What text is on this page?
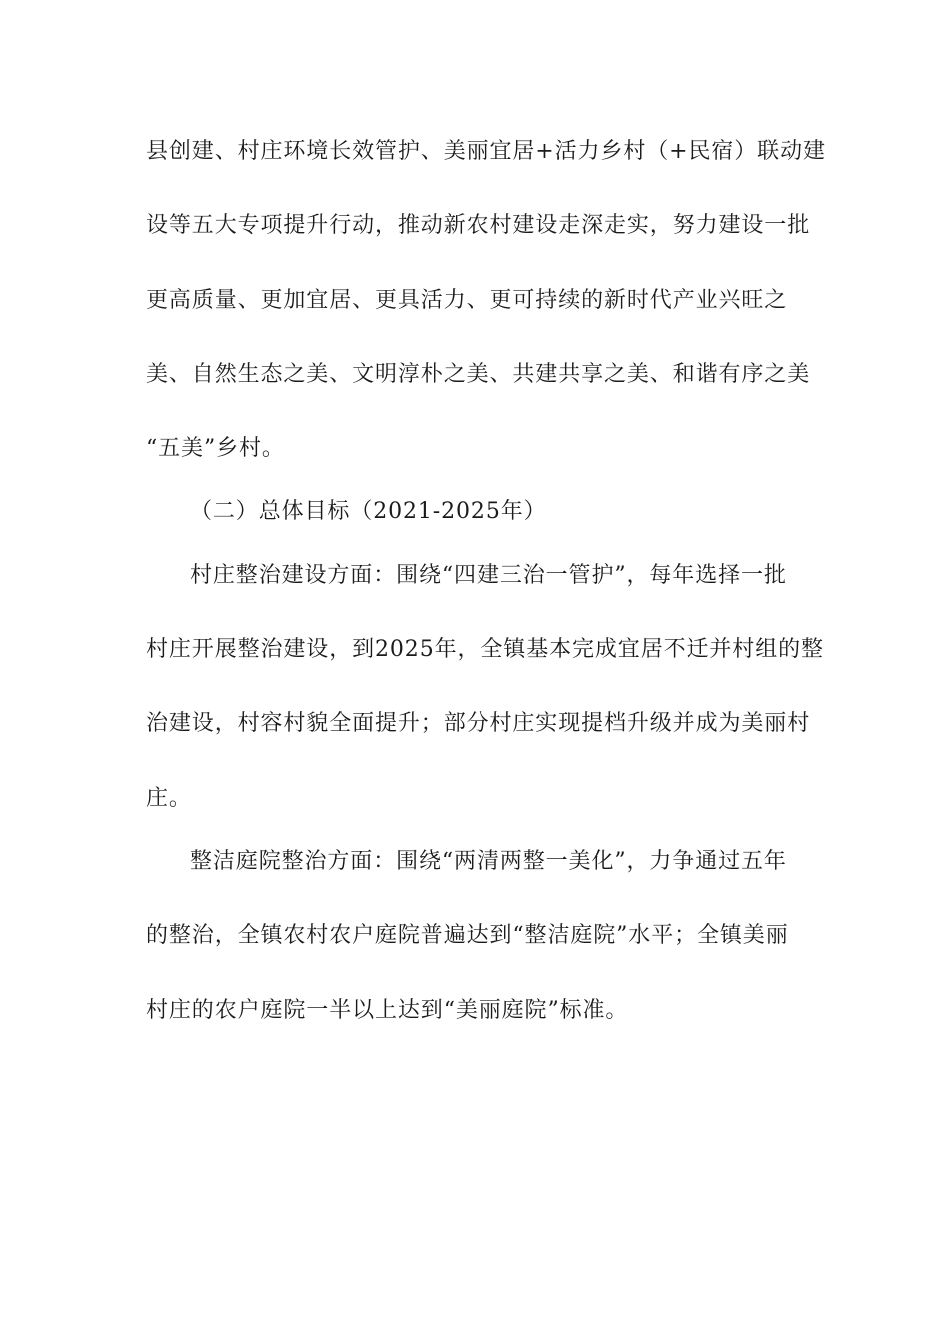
县创建、村庄环境长效管护、美丽宜居+活力乡村（+民宿）联动建
设等五大专项提升行动，推动新农村建设走深走实，努力建设一批
更高质量、更加宜居、更具活力、更可持续的新时代产业兴旺之
美、自然生态之美、文明淳朴之美、共建共享之美、和谐有序之美
“五美”乡村。
（二）总体目标（2021-2025年）
村庄整治建设方面：围绕“四建三治一管护”，每年选择一批
村庄开展整治建设，到2025年，全镇基本完成宜居不迁并村组的整
治建设，村容村貌全面提升；部分村庄实现提档升级并成为美丽村
庄。
整洁庭院整治方面：围绕“两清两整一美化”，力争通过五年
的整治，全镇农村农户庭院普遍达到“整洁庭院”水平；全镇美丽
村庄的农户庭院一半以上达到“美丽庭院”标准。
